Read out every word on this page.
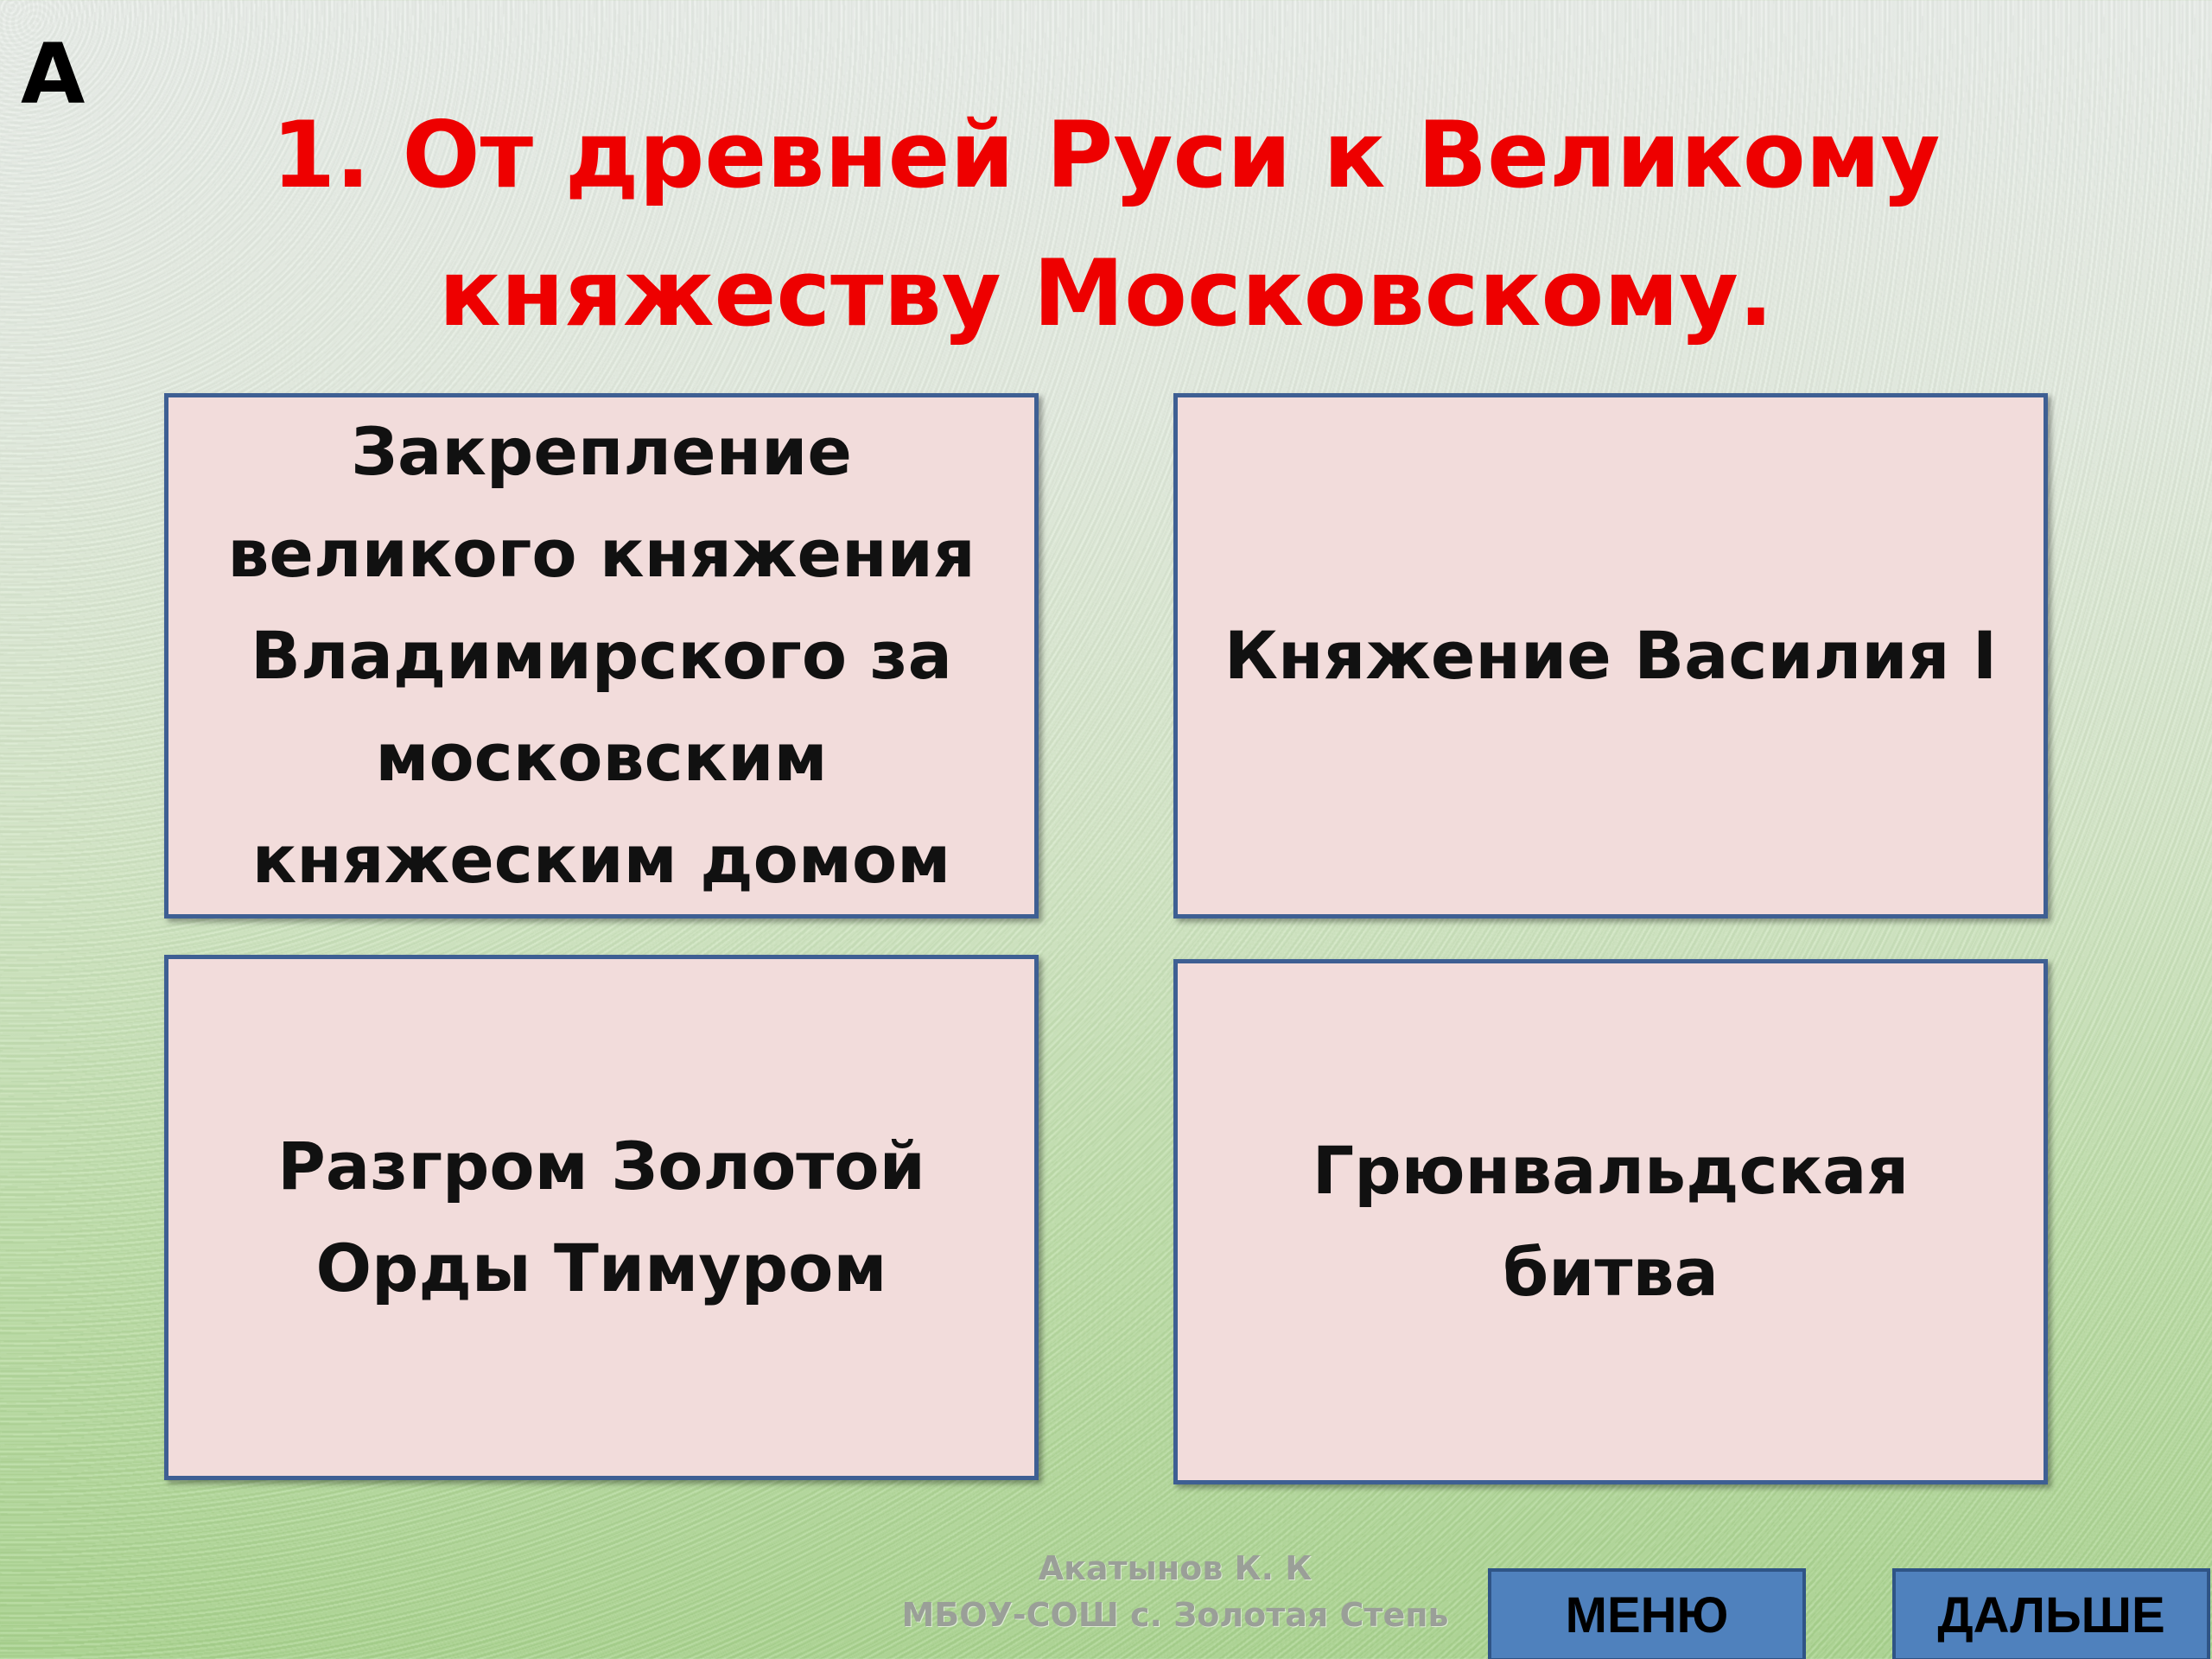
А
1. От древней Руси к Великому
княжеству Московскому.
Закрепление
великого княжения
Владимирского за
московским
княжеским домом
Княжение Василия I
Разгром Золотой
Орды Тимуром
Грюнвальдская
битва
Акатынов К. К
МБОУ-СОШ с. Золотая Степь	МЕНЮ	ДАЛЬШЕ
